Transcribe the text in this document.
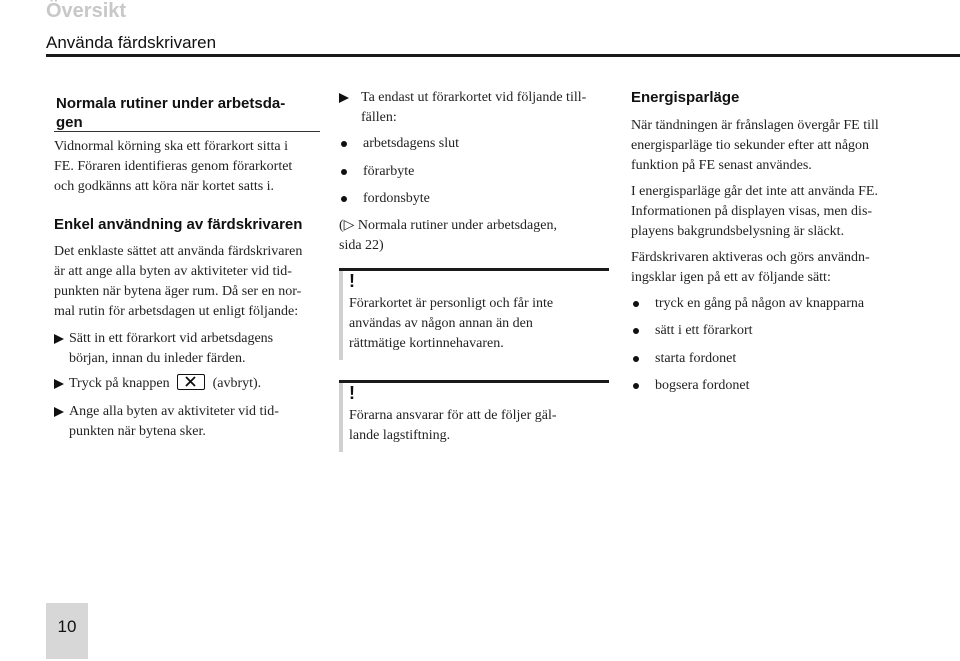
Översikt
Använda färdskrivaren
Normala rutiner under arbetsda-
gen
Vidnormal körning ska ett förarkort sitta i
FE. Föraren identifieras genom förarkortet
och godkänns att köra när kortet satts i.
Enkel användning av färdskrivaren
Det enklaste sättet att använda färdskrivaren
är att ange alla byten av aktiviteter vid tid-
punkten när bytena äger rum. Då ser en nor-
mal rutin för arbetsdagen ut enligt följande:
Sätt in ett förarkort vid arbetsdagens
början, innan du inleder färden.
Tryck på knappen	(avbryt).
Ange alla byten av aktiviteter vid tid-
punkten när bytena sker.
Ta endast ut förarkortet vid följande till-
fällen:
arbetsdagens slut
förarbyte
fordonsbyte
(▷ Normala rutiner under arbetsdagen,
sida 22)
!
Förarkortet är personligt och får inte
användas av någon annan än den
rättmätige kortinnehavaren.
!
Förarna ansvarar för att de följer gäl-
lande lagstiftning.
Energisparläge
När tändningen är frånslagen övergår FE till
energisparläge tio sekunder efter att någon
funktion på FE senast användes.
I energisparläge går det inte att använda FE.
Informationen på displayen visas, men dis-
playens bakgrundsbelysning är släckt.
Färdskrivaren aktiveras och görs användn-
ingsklar igen på ett av följande sätt:
tryck en gång på någon av knapparna
sätt i ett förarkort
starta fordonet
bogsera fordonet
10
